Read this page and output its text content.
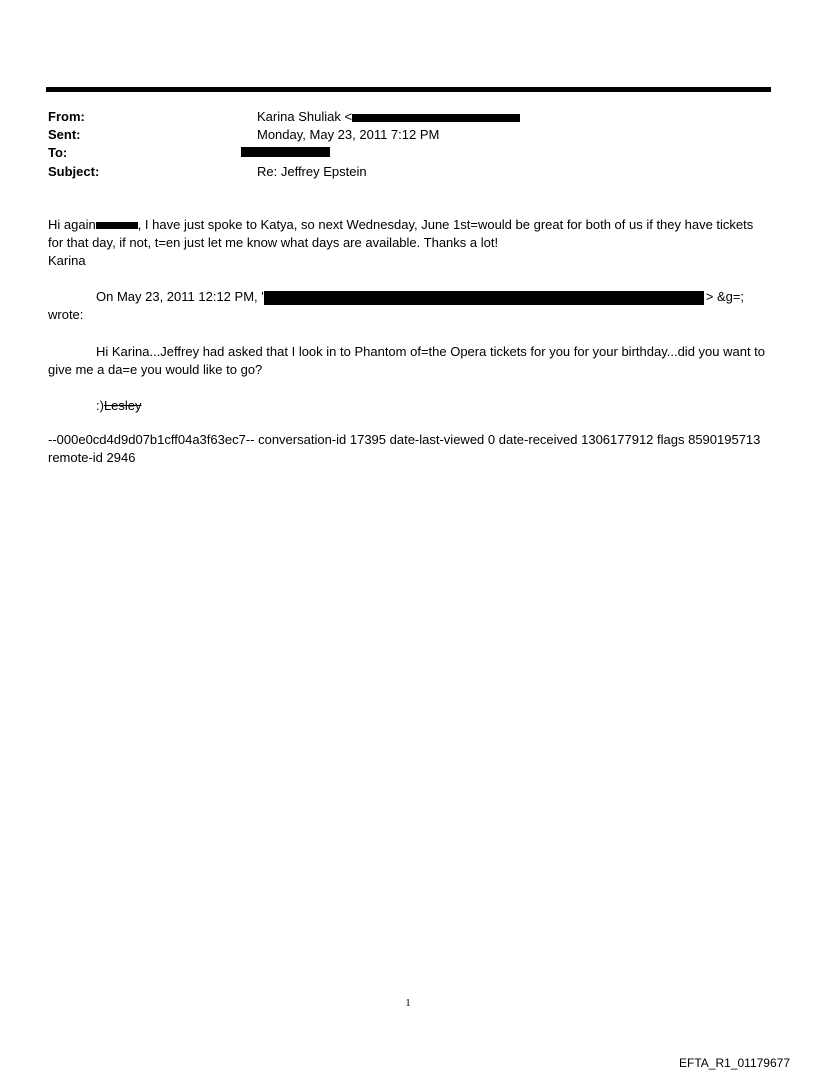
From:	Karina Shuliak <
Sent:	Monday, May 23, 2011 7:12 PM
To:
Subject:	Re: Jeffrey Epstein
Hi again	, I have just spoke to Katya, so next Wednesday, June 1st=would be great for both of us if they have tickets for that day, if not, t=en just let me know what days are available. Thanks a lot!
Karina
On May 23, 2011 12:12 PM, '	> &g=;
wrote:
Hi Karina...Jeffrey had asked that I look in to Phantom of=the Opera tickets for you for your birthday...did you want to give me a da=e you would like to go?
:)Lesley
--000e0cd4d9d07b1cff04a3f63ec7-- conversation-id 17395 date-last-viewed 0 date-received 1306177912 flags 8590195713 remote-id 2946
1
EFTA_R1_01179677
